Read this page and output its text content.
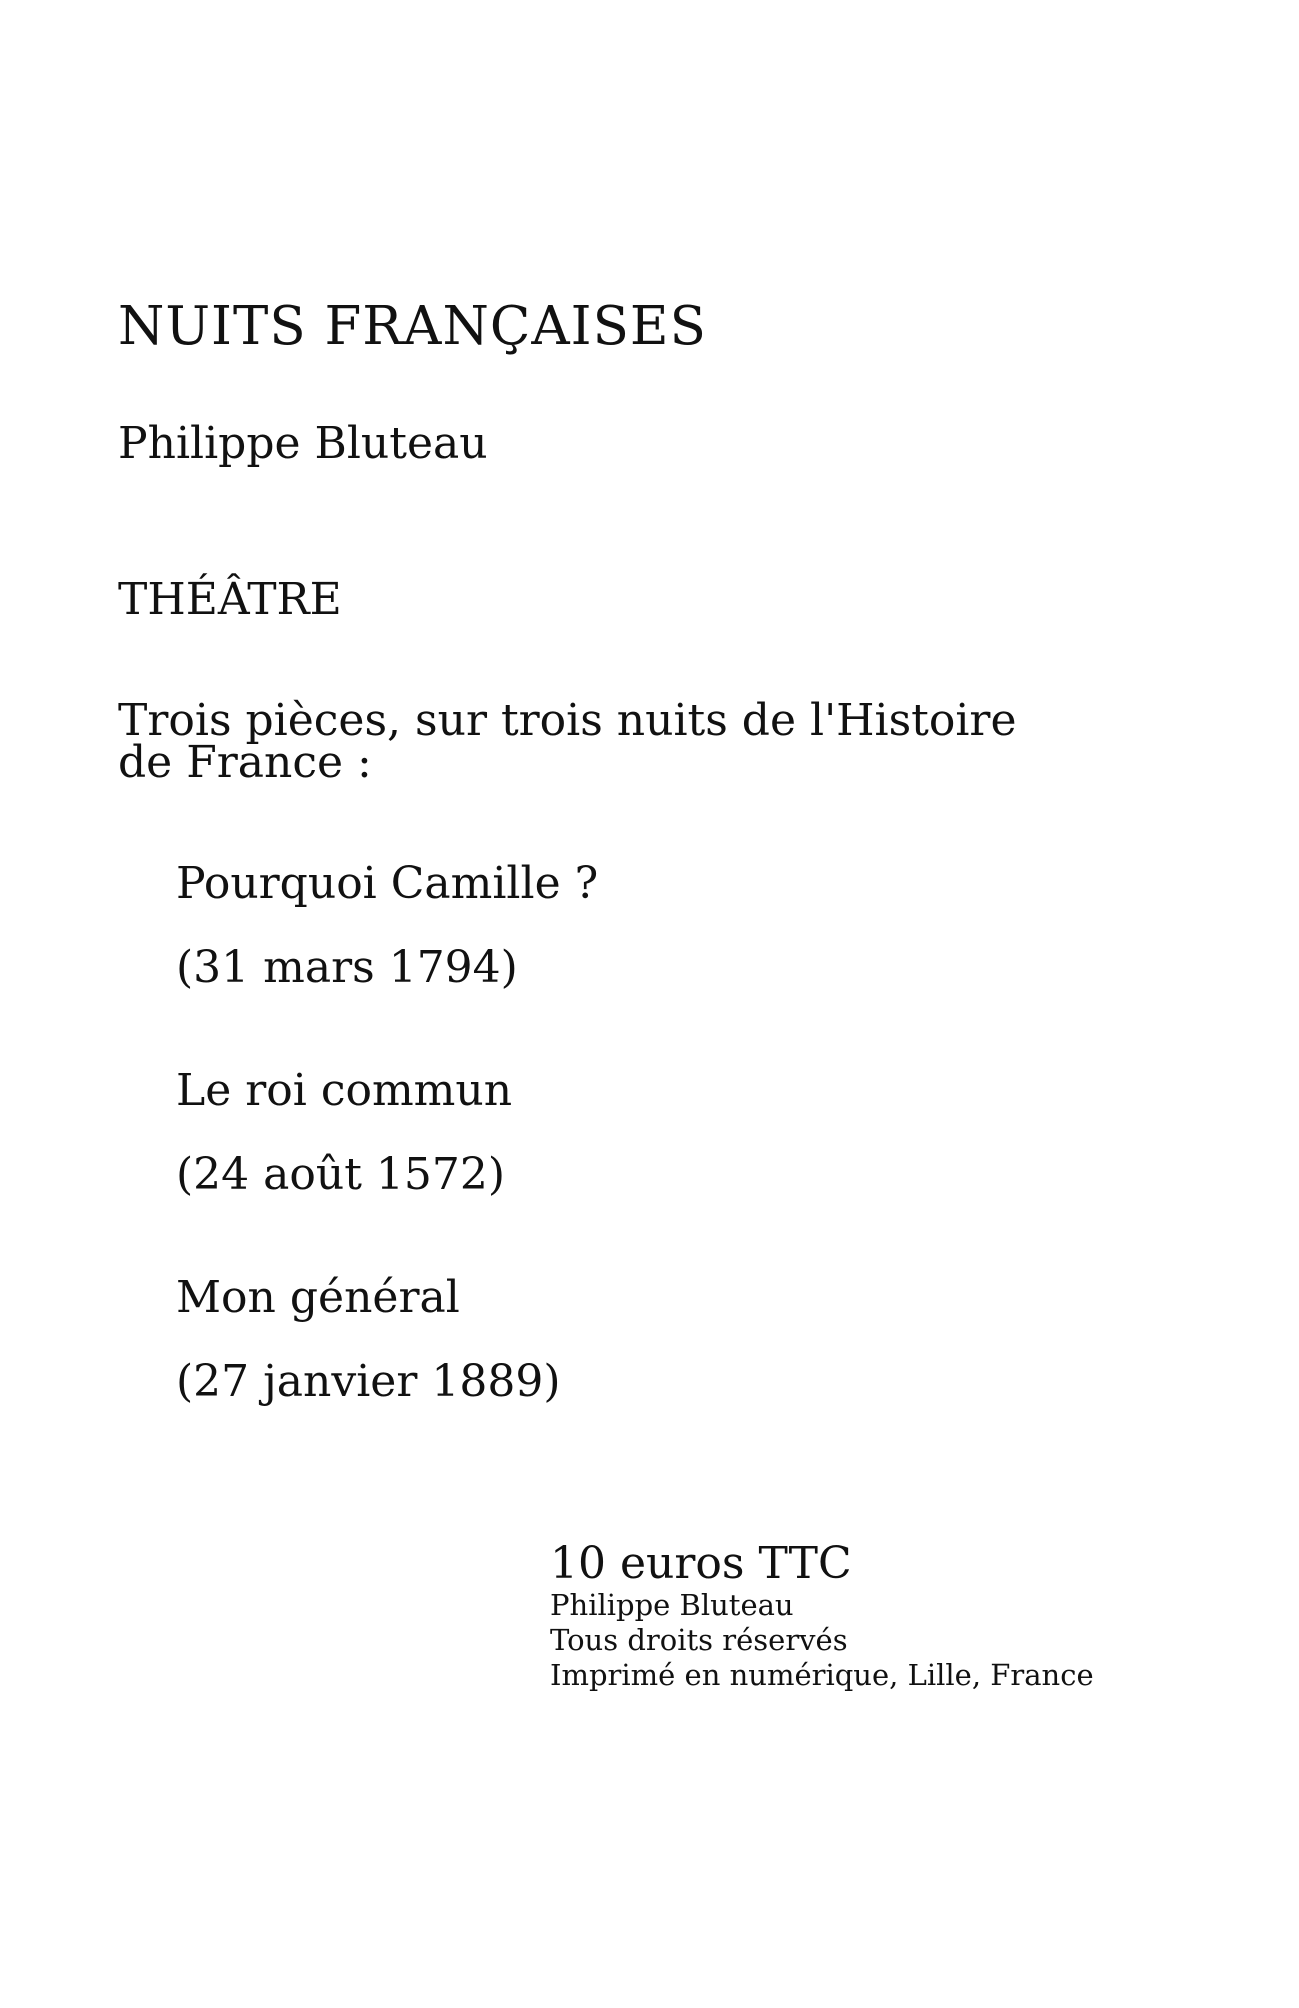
NUITS FRANÇAISES
Philippe Bluteau
THÉÂTRE
Trois pièces, sur trois nuits de l'Histoire
de France :
Pourquoi Camille ?
(31 mars 1794)
Le roi commun
(24 août 1572)
Mon général
(27 janvier 1889)
10 euros TTC
Philippe Bluteau
Tous droits réservés
Imprimé en numérique, Lille, France
